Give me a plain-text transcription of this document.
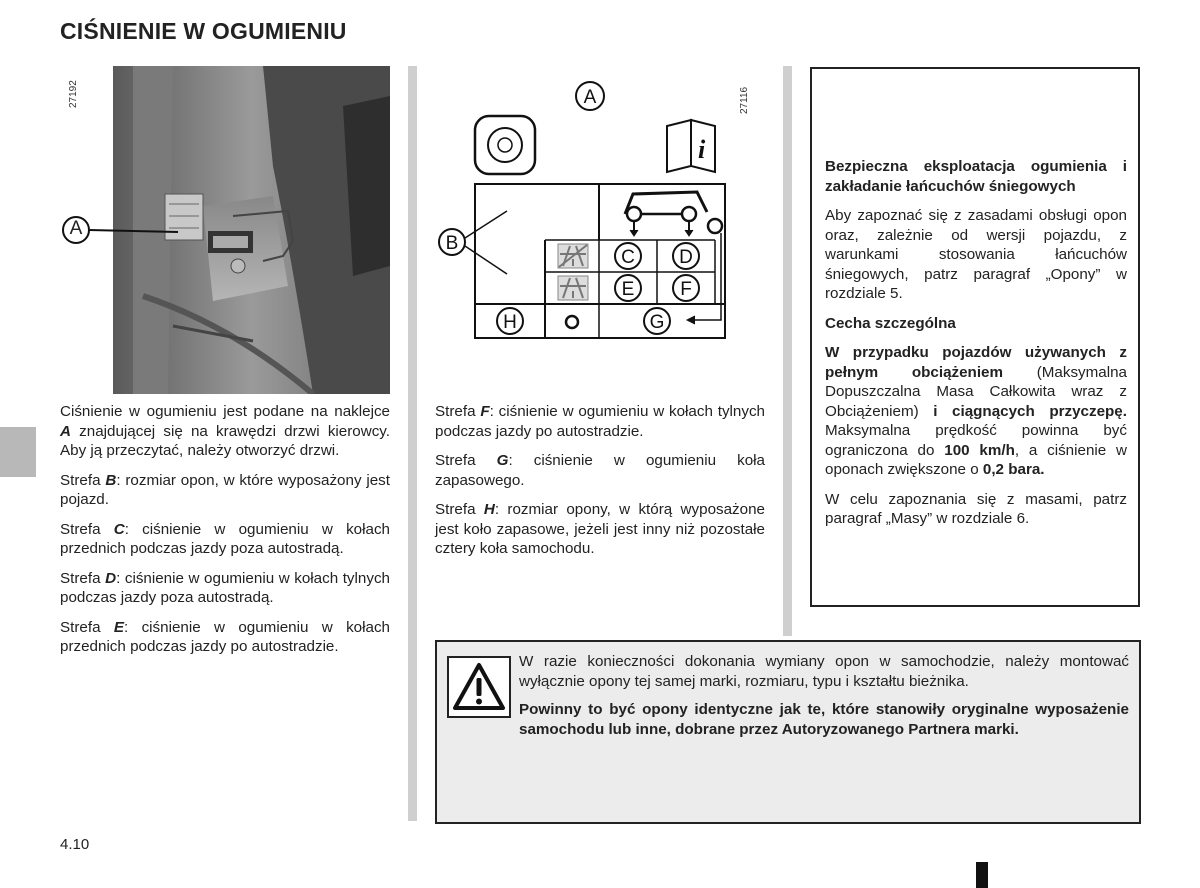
CIŚNIENIE W OGUMIENIU
27192
A
27116
i
A
B
C D
E F
H	G

Ciśnienie w ogumieniu jest podane na naklejce A znajdującej się na krawędzi drzwi kierowcy. Aby ją przeczytać, należy otworzyć drzwi.

Strefa B: rozmiar opon, w które wyposażony jest pojazd.

Strefa C: ciśnienie w ogumieniu w kołach przednich podczas jazdy poza autostradą.

Strefa D: ciśnienie w ogumieniu w kołach tylnych podczas jazdy poza autostradą.

Strefa E: ciśnienie w ogumieniu w kołach przednich podczas jazdy po autostradzie.

Strefa F: ciśnienie w ogumieniu w kołach tylnych podczas jazdy po autostradzie.

Strefa G: ciśnienie w ogumieniu koła zapasowego.

Strefa H: rozmiar opony, w którą wyposażone jest koło zapasowe, jeżeli jest inny niż pozostałe cztery koła samochodu.

Bezpieczna eksploatacja ogumienia i zakładanie łańcuchów śniegowych

Aby zapoznać się z zasadami obsługi opon oraz, zależnie od wersji pojazdu, z warunkami stosowania łańcuchów śniegowych, patrz paragraf „Opony” w rozdziale 5.

Cecha szczególna

W przypadku pojazdów używanych z pełnym obciążeniem (Maksymalna Dopuszczalna Masa Całkowita wraz z Obciążeniem) i ciągnących przyczepę. Maksymalna prędkość powinna być ograniczona do 100 km/h, a ciśnienie w oponach zwiększone o 0,2 bara.

W celu zapoznania się z masami, patrz paragraf „Masy” w rozdziale 6.

W razie konieczności dokonania wymiany opon w samochodzie, należy montować wyłącznie opony tej samej marki, rozmiaru, typu i kształtu bieżnika.

Powinny to być opony identyczne jak te, które stanowiły oryginalne wyposażenie samochodu lub inne, dobrane przez Autoryzowanego Partnera marki.

4.10
